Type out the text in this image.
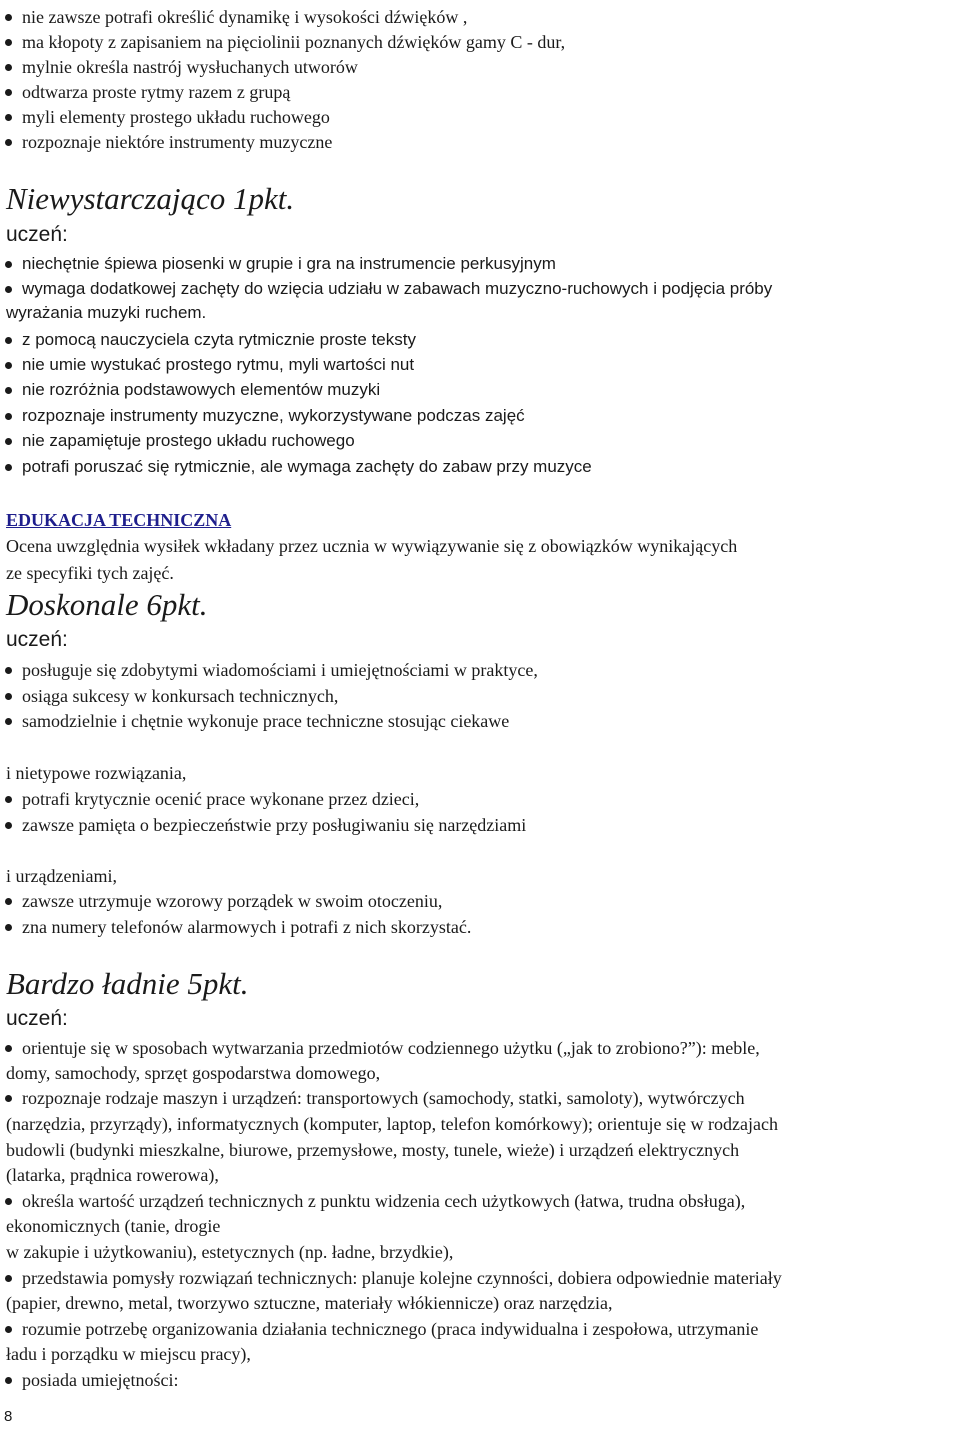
nie zawsze potrafi określić dynamikę i wysokości dźwięków ,
ma kłopoty z zapisaniem na pięciolinii poznanych dźwięków gamy C - dur,
mylnie określa nastrój wysłuchanych utworów
odtwarza proste rytmy razem z grupą
myli elementy prostego układu ruchowego
rozpoznaje niektóre instrumenty muzyczne
Niewystarczająco 1pkt.
uczeń:
niechętnie śpiewa piosenki w grupie i gra na instrumencie perkusyjnym
wymaga dodatkowej zachęty do wzięcia udziału w zabawach muzyczno-ruchowych i podjęcia próby
wyrażania muzyki ruchem.
z pomocą nauczyciela czyta rytmicznie proste teksty
nie umie wystukać prostego rytmu, myli wartości nut
nie rozróżnia podstawowych elementów muzyki
rozpoznaje instrumenty muzyczne, wykorzystywane podczas zajęć
nie zapamiętuje prostego układu ruchowego
potrafi poruszać się rytmicznie, ale wymaga zachęty do zabaw przy muzyce
EDUKACJA TECHNICZNA
Ocena uwzględnia wysiłek wkładany przez ucznia w wywiązywanie się z obowiązków wynikających
ze specyfiki tych zajęć.
Doskonale 6pkt.
uczeń:
posługuje się zdobytymi wiadomościami i umiejętnościami w praktyce,
osiąga sukcesy w konkursach technicznych,
samodzielnie i chętnie wykonuje prace techniczne stosując ciekawe
i nietypowe rozwiązania,
potrafi krytycznie ocenić prace wykonane przez dzieci,
zawsze pamięta o bezpieczeństwie przy posługiwaniu się narzędziami
i urządzeniami,
zawsze utrzymuje wzorowy porządek w swoim otoczeniu,
zna numery telefonów alarmowych i potrafi z nich skorzystać.
Bardzo ładnie 5pkt.
uczeń:
orientuje się w sposobach wytwarzania przedmiotów codziennego użytku („jak to zrobiono?”): meble,
domy, samochody, sprzęt gospodarstwa domowego,
rozpoznaje rodzaje maszyn i urządzeń: transportowych (samochody, statki, samoloty), wytwórczych
(narzędzia, przyrządy), informatycznych (komputer, laptop, telefon komórkowy); orientuje się w rodzajach
budowli (budynki mieszkalne, biurowe, przemysłowe, mosty, tunele, wieże) i urządzeń elektrycznych
(latarka, prądnica rowerowa),
określa wartość urządzeń technicznych z punktu widzenia cech użytkowych (łatwa, trudna obsługa),
ekonomicznych (tanie, drogie
w zakupie i użytkowaniu), estetycznych (np. ładne, brzydkie),
przedstawia pomysły rozwiązań technicznych: planuje kolejne czynności, dobiera odpowiednie materiały
(papier, drewno, metal, tworzywo sztuczne, materiały włókiennicze) oraz narzędzia,
rozumie potrzebę organizowania działania technicznego (praca indywidualna i zespołowa, utrzymanie
ładu i porządku w miejscu pracy),
posiada umiejętności:
8
